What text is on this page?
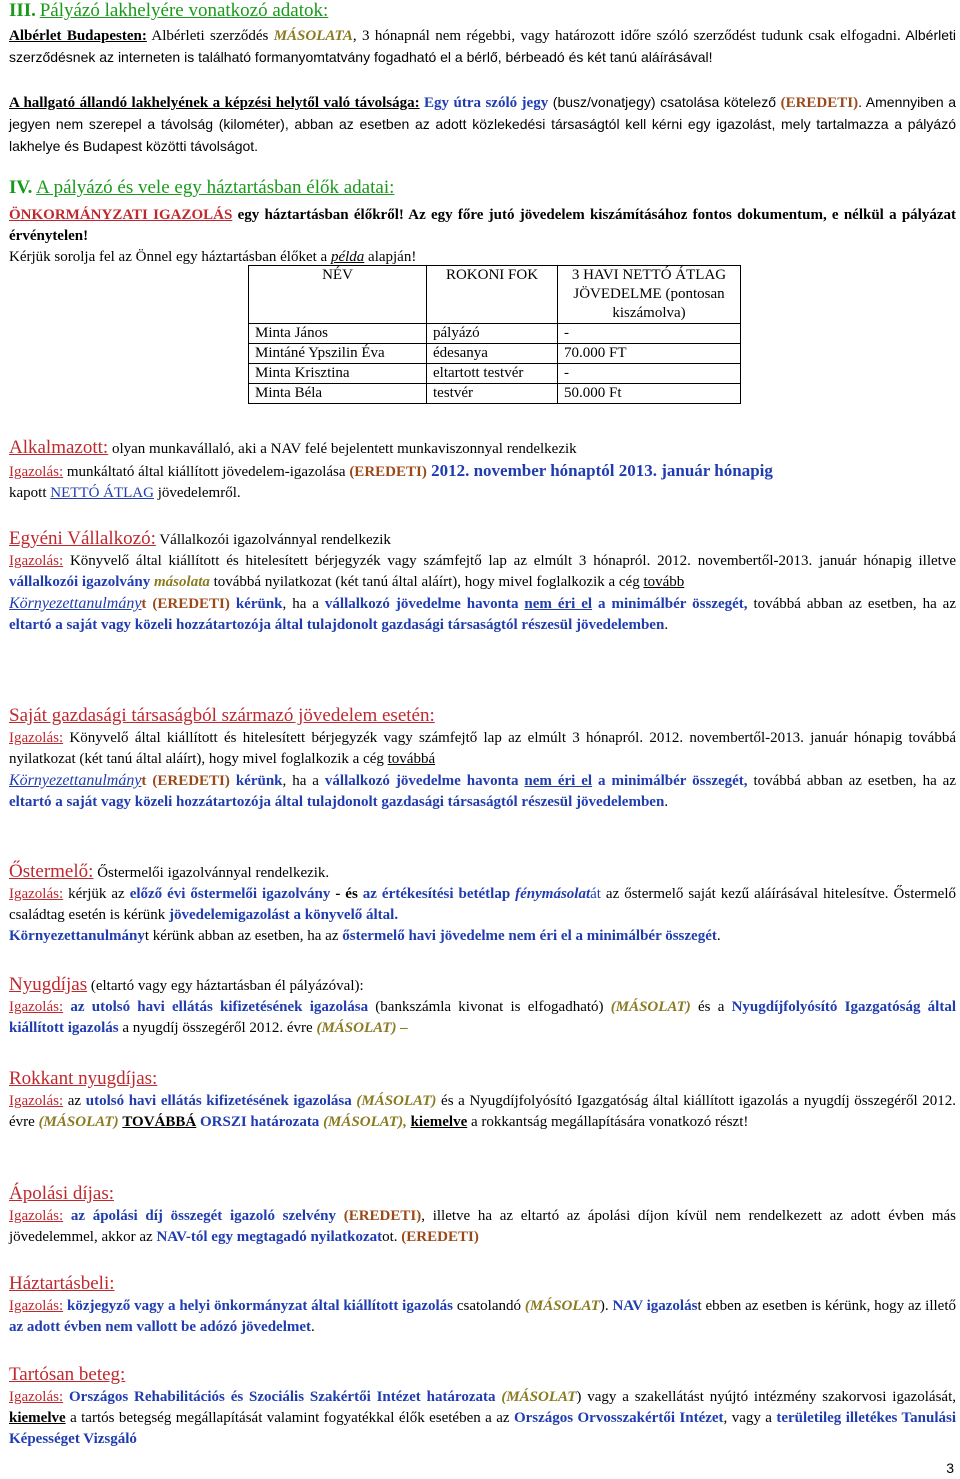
III. Pályázó lakhelyére vonatkozó adatok:
Albérlet Budapesten: Albérleti szerződés MÁSOLATA, 3 hónapnál nem régebbi, vagy határozott időre szóló szerződést tudunk csak elfogadni. Albérleti szerződésnek az interneten is található formanyomtatvány fogadható el a bérlő, bérbeadó és két tanú aláírásával!
A hallgató állandó lakhelyének a képzési helytől való távolsága: Egy útra szóló jegy (busz/vonatjegy) csatolása kötelező (EREDETI). Amennyiben a jegyen nem szerepel a távolság (kilométer), abban az esetben az adott közlekedési társaságtól kell kérni egy igazolást, mely tartalmazza a pályázó lakhelye és Budapest közötti távolságot.
IV. A pályázó és vele egy háztartásban élők adatai:
ÖNKORMÁNYZATI IGAZOLÁS egy háztartásban élőkről! Az egy főre jutó jövedelem kiszámításához fontos dokumentum, e nélkül a pályázat érvénytelen!
Kérjük sorolja fel az Önnel egy háztartásban élőket a példa alapján!
NÉV	ROKONI FOK	3 HAVI NETTÓ ÁTLAG JÖVEDELME (pontosan kiszámolva)
Minta János	pályázó	-
Mintáné Ypszilin Éva	édesanya	70.000 FT
Minta Krisztina	eltartott testvér	-
Minta Béla	testvér	50.000 Ft
Alkalmazott: olyan munkavállaló, aki a NAV felé bejelentett munkaviszonnyal rendelkezik
Igazolás: munkáltató által kiállított jövedelem-igazolása (EREDETI) 2012. november hónaptól 2013. január hónapig
kapott NETTÓ ÁTLAG jövedelemről.
Egyéni Vállalkozó: Vállalkozói igazolvánnyal rendelkezik
Igazolás: Könyvelő által kiállított és hitelesített bérjegyzék vagy számfejtő lap az elmúlt 3 hónapról. 2012. novembertől-2013. január hónapig illetve vállalkozói igazolvány másolata továbbá nyilatkozat (két tanú által aláírt), hogy mivel foglalkozik a cég tovább
Környezettanulmányt (EREDETI) kérünk, ha a vállalkozó jövedelme havonta nem éri el a minimálbér összegét, továbbá abban az esetben, ha az eltartó a saját vagy közeli hozzátartozója által tulajdonolt gazdasági társaságtól részesül jövedelemben.
Saját gazdasági társaságból származó jövedelem esetén:
Igazolás: Könyvelő által kiállított és hitelesített bérjegyzék vagy számfejtő lap az elmúlt 3 hónapról. 2012. novembertől-2013. január hónapig továbbá nyilatkozat (két tanú által aláírt), hogy mivel foglalkozik a cég továbbá
Környezettanulmányt (EREDETI) kérünk, ha a vállalkozó jövedelme havonta nem éri el a minimálbér összegét, továbbá abban az esetben, ha az eltartó a saját vagy közeli hozzátartozója által tulajdonolt gazdasági társaságtól részesül jövedelemben.
Őstermelő: Őstermelői igazolvánnyal rendelkezik.
Igazolás: kérjük az előző évi őstermelői igazolvány - és az értékesítési betétlap fénymásolatát az őstermelő saját kezű aláírásával hitelesítve. Őstermelő családtag esetén is kérünk jövedelemigazolást a könyvelő által.
Környezettanulmányt kérünk abban az esetben, ha az őstermelő havi jövedelme nem éri el a minimálbér összegét.
Nyugdíjas (eltartó vagy egy háztartásban él pályázóval):
Igazolás: az utolsó havi ellátás kifizetésének igazolása (bankszámla kivonat is elfogadható) (MÁSOLAT) és a Nyugdíjfolyósító Igazgatóság által kiállított igazolás a nyugdíj összegéről 2012. évre (MÁSOLAT) –
Rokkant nyugdíjas:
Igazolás: az utolsó havi ellátás kifizetésének igazolása (MÁSOLAT) és a Nyugdíjfolyósító Igazgatóság által kiállított igazolás a nyugdíj összegéről 2012. évre (MÁSOLAT) TOVÁBBÁ ORSZI határozata (MÁSOLAT), kiemelve a rokkantság megállapítására vonatkozó részt!
Ápolási díjas:
Igazolás: az ápolási díj összegét igazoló szelvény (EREDETI), illetve ha az eltartó az ápolási díjon kívül nem rendelkezett az adott évben más jövedelemmel, akkor az NAV-tól egy megtagadó nyilatkozatot. (EREDETI)
Háztartásbeli:
Igazolás: közjegyző vagy a helyi önkormányzat által kiállított igazolás csatolandó (MÁSOLAT). NAV igazolást ebben az esetben is kérünk, hogy az illető az adott évben nem vallott be adózó jövedelmet.
Tartósan beteg:
Igazolás: Országos Rehabilitációs és Szociális Szakértői Intézet határozata (MÁSOLAT) vagy a szakellátást nyújtó intézmény szakorvosi igazolását, kiemelve a tartós betegség megállapítását valamint fogyatékkal élők esetében a az Országos Orvosszakértői Intézet, vagy a területileg illetékes Tanulási Képességet Vizsgáló
3
